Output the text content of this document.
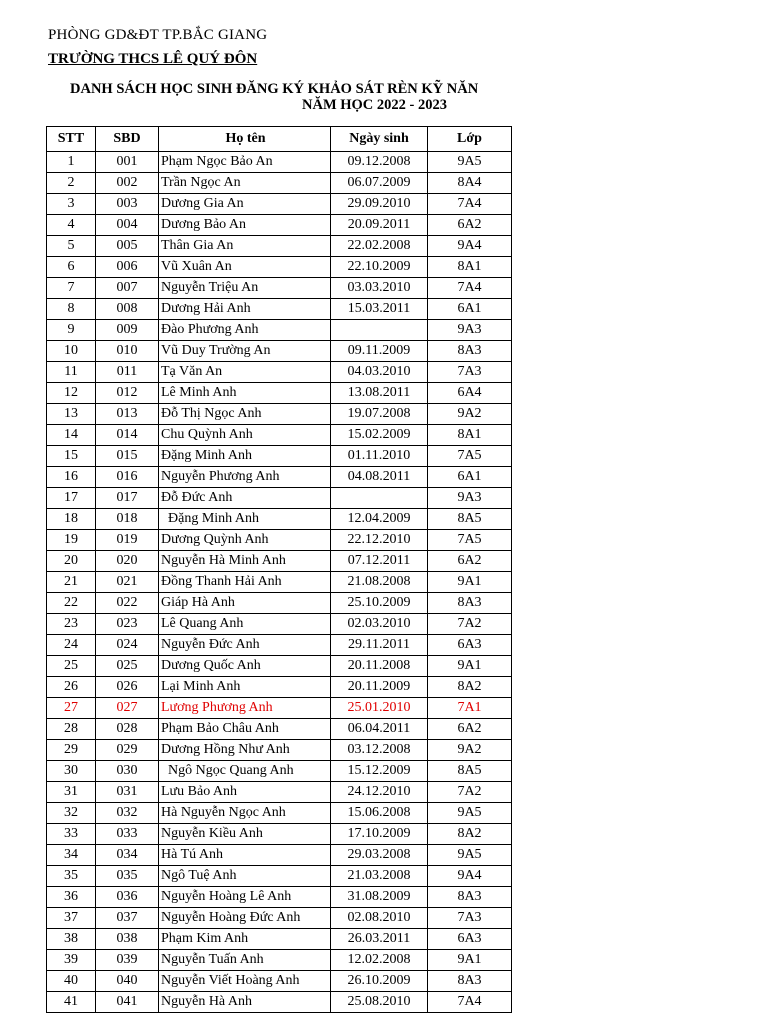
PHÒNG GD&ĐT TP.BẮC GIANG
TRƯỜNG THCS LÊ QUÝ ĐÔN
DANH SÁCH HỌC SINH ĐĂNG KÝ KHẢO SÁT RÈN KỸ NĂN
NĂM HỌC 2022 - 2023
STT	SBD	Họ tên	Ngày sinh	Lớp
1	001	Phạm Ngọc Bảo An	09.12.2008	9A5
2	002	Trần Ngọc An	06.07.2009	8A4
3	003	Dương Gia An	29.09.2010	7A4
4	004	Dương Bảo An	20.09.2011	6A2
5	005	Thân Gia An	22.02.2008	9A4
6	006	Vũ Xuân An	22.10.2009	8A1
7	007	Nguyễn Triệu An	03.03.2010	7A4
8	008	Dương Hải Anh	15.03.2011	6A1
9	009	Đào Phương Anh		9A3
10	010	Vũ Duy Trường An	09.11.2009	8A3
11	011	Tạ Văn An	04.03.2010	7A3
12	012	Lê Minh Anh	13.08.2011	6A4
13	013	Đỗ Thị Ngọc Anh	19.07.2008	9A2
14	014	Chu Quỳnh Anh	15.02.2009	8A1
15	015	Đặng Minh Anh	01.11.2010	7A5
16	016	Nguyễn Phương Anh	04.08.2011	6A1
17	017	Đỗ Đức Anh		9A3
18	018	Đặng Minh Anh	12.04.2009	8A5
19	019	Dương Quỳnh Anh	22.12.2010	7A5
20	020	Nguyễn Hà Minh Anh	07.12.2011	6A2
21	021	Đồng Thanh Hải Anh	21.08.2008	9A1
22	022	Giáp Hà Anh	25.10.2009	8A3
23	023	Lê Quang Anh	02.03.2010	7A2
24	024	Nguyễn Đức Anh	29.11.2011	6A3
25	025	Dương Quốc Anh	20.11.2008	9A1
26	026	Lại Minh Anh	20.11.2009	8A2
27	027	Lương Phương Anh	25.01.2010	7A1
28	028	Phạm Bảo Châu Anh	06.04.2011	6A2
29	029	Dương Hồng Như Anh	03.12.2008	9A2
30	030	Ngô Ngọc Quang Anh	15.12.2009	8A5
31	031	Lưu Bảo Anh	24.12.2010	7A2
32	032	Hà Nguyễn Ngọc Anh	15.06.2008	9A5
33	033	Nguyễn Kiều Anh	17.10.2009	8A2
34	034	Hà Tú Anh	29.03.2008	9A5
35	035	Ngô Tuệ Anh	21.03.2008	9A4
36	036	Nguyễn Hoàng Lê Anh	31.08.2009	8A3
37	037	Nguyễn Hoàng Đức Anh	02.08.2010	7A3
38	038	Phạm Kim Anh	26.03.2011	6A3
39	039	Nguyễn Tuấn Anh	12.02.2008	9A1
40	040	Nguyễn Viết Hoàng Anh	26.10.2009	8A3
41	041	Nguyễn Hà Anh	25.08.2010	7A4
